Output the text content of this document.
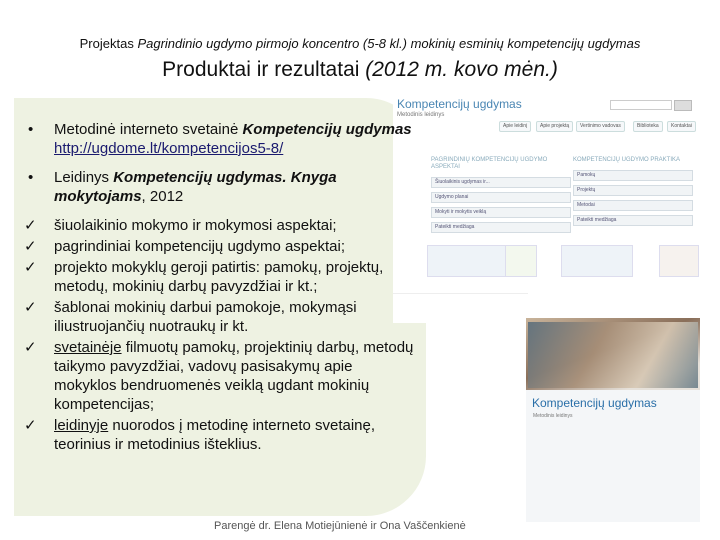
Projektas Pagrindinio ugdymo pirmojo koncentro (5-8 kl.) mokinių esminių kompetencijų ugdymas
Produktai ir rezultatai (2012 m. kovo mėn.)
Kompetencijų ugdymas
Metodinis leidinys
Apie leidinį	Apie projektą	Vertinimo vadovas	Biblioteka	Kontaktai
PAGRINDINIŲ KOMPETENCIJŲ UGDYMO ASPEKTAI
Šiuolaikinis ugdymas ir...
Ugdymo planai
Mokyti ir mokytis veiklą
Pateikti medžiaga
KOMPETENCIJŲ UGDYMO PRAKTIKA
Pamokų
Projektų
Metodai
Pateikti medžiaga
Kompetencijų ugdymas
Metodinis leidinys
• Metodinė interneto svetainė Kompetencijų ugdymas http://ugdome.lt/kompetencijos5-8/
• Leidinys Kompetencijų ugdymas. Knyga mokytojams, 2012
✓ šiuolaikinio mokymo ir mokymosi aspektai;
✓ pagrindiniai kompetencijų ugdymo aspektai;
✓ projekto mokyklų geroji patirtis: pamokų, projektų, metodų, mokinių darbų pavyzdžiai ir kt.;
✓ šablonai mokinių darbui pamokoje, mokymąsi iliustruojančių nuotraukų ir kt.
✓ svetainėje filmuotų pamokų, projektinių darbų, metodų taikymo pavyzdžiai, vadovų pasisakymų apie mokyklos bendruomenės veiklą ugdant mokinių kompetencijas;
✓ leidinyje nuorodos į metodinę interneto svetainę, teorinius ir metodinius išteklius.
Parengė dr. Elena Motiejūnienė ir Ona Vaščenkienė
